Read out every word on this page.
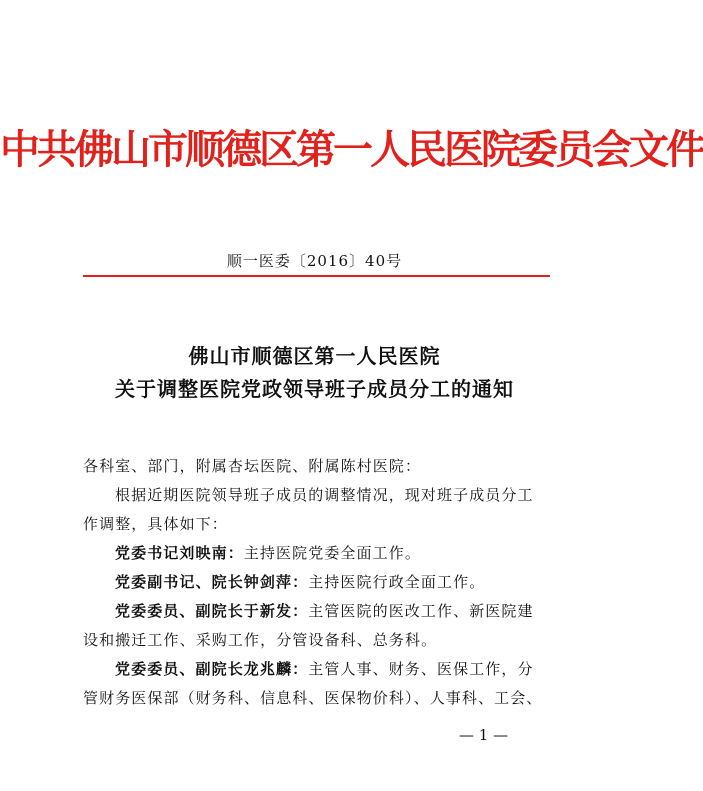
中共佛山市顺德区第一人民医院委员会文件
顺一医委〔2016〕40号
佛山市顺德区第一人民医院
关于调整医院党政领导班子成员分工的通知
各科室、部门，附属杏坛医院、附属陈村医院：
根据近期医院领导班子成员的调整情况，现对班子成员分工
作调整，具体如下：
党委书记刘映南：主持医院党委全面工作。
党委副书记、院长钟剑萍：主持医院行政全面工作。
党委委员、副院长于新发：主管医院的医改工作、新医院建
设和搬迁工作、采购工作，分管设备科、总务科。
党委委员、副院长龙兆麟：主管人事、财务、医保工作，分
管财务医保部（财务科、信息科、医保物价科）、人事科、工会、
— 1 —
